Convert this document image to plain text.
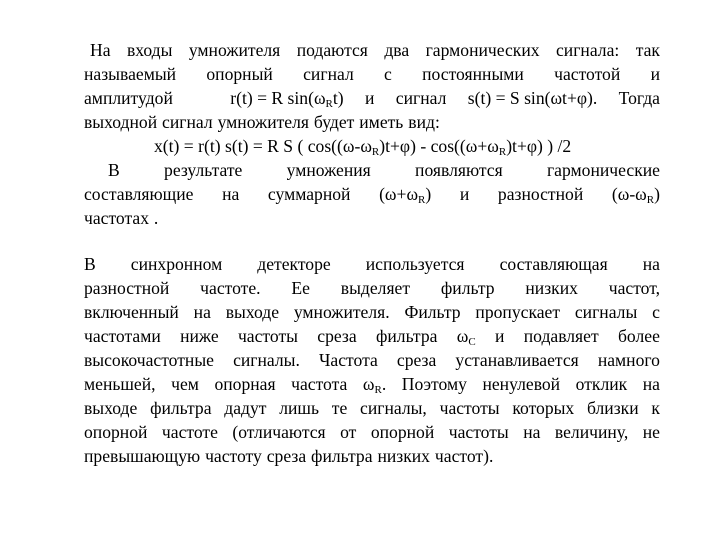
На входы умножителя подаются два гармонических сигнала: так
называемый опорный сигнал с постоянными частотой и
амплитудой	r(t) = R $\sin(\omega_Rt)$ и сигнал s(t) = S sin(ωt+φ). Тогда
выходной сигнал умножителя будет иметь вид:
x(t) = r(t) s(t) = R S ( $\cos((\omega-\omega_R)t+\varphi) - \cos((\omega+\omega_R)t+\varphi)$ ) /2
В	результате	умножения	появляются	гармонические
составляющие на суммарной $(\omega+\omega_R)$ и разностной $(\omega-\omega_R)$
частотах .
В синхронном детекторе используется составляющая на
разностной частоте. Ее выделяет фильтр низких частот,
включенный на выходе умножителя. Фильтр пропускает сигналы с
частотами ниже частоты среза фильтра $\omega_C$ и подавляет более
высокочастотные сигналы. Частота среза устанавливается намного
меньшей, чем опорная частота $\omega_R$. Поэтому ненулевой отклик на
выходе фильтра дадут лишь те сигналы, частоты которых близки к
опорной частоте (отличаются от опорной частоты на величину, не
превышающую частоту среза фильтра низких частот).
